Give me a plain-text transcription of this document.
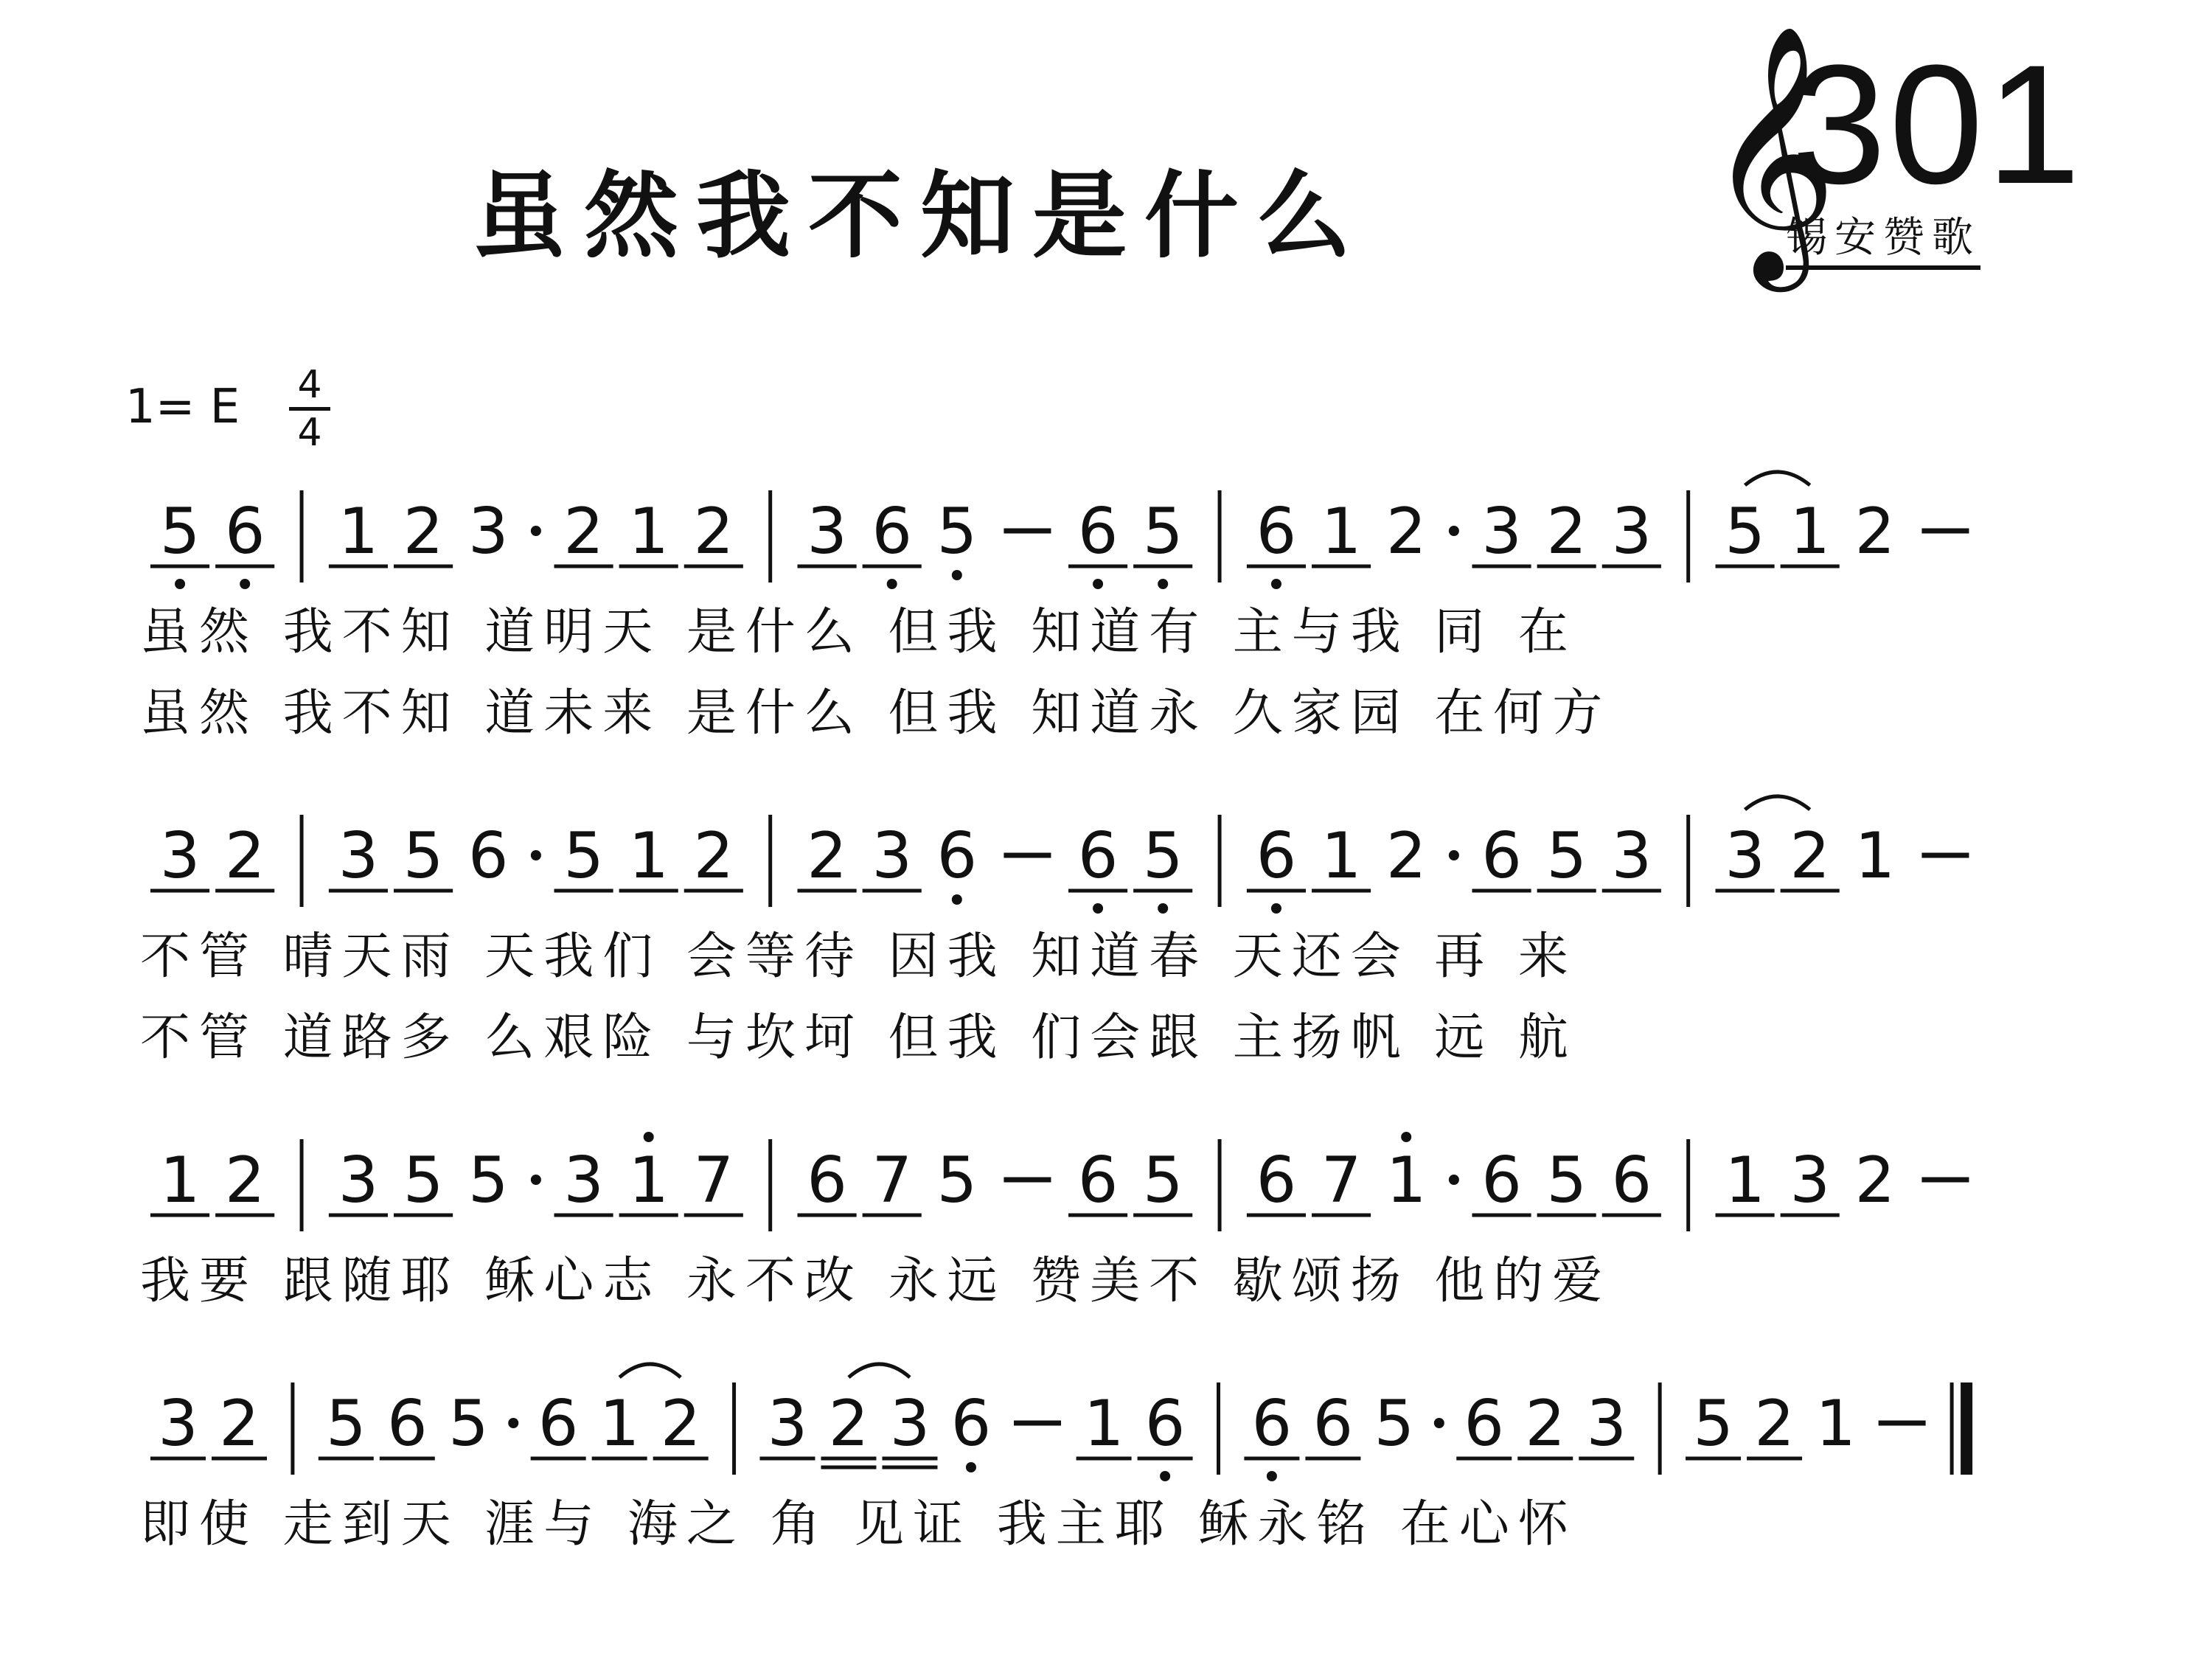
虽然我不知是什么 𝄞
301
锡安赞歌
1= E 4
4
5 6 1 2 3 2 1 2 3 6 5 6 5 6 1 2 3 2 3 5 1 2
虽然 我不知 道明天 是什么 但我 知道有 主与我 同 在
虽然 我不知 道未来 是什么 但我 知道永 久家园 在何方
3 2 3 5 6 5 1 2 2 3 6 6 5 6 1 2 6 5 3 3 2 1
不管 晴天雨 天我们 会等待 因我 知道春 天还会 再 来
不管 道路多 么艰险 与坎坷 但我 们会跟 主扬帆 远 航
1 2 3 5 5 3 1 7 6 7 5 6 5 6 7 1 6 5 6 1 3 2
我要 跟随耶 稣心志 永不改 永远 赞美不 歇颂扬 他的爱
3 2 5 6 5 6 1 2 3 2 3 6 1 6 6 6 5 6 2 3 5 2 1
即使 走到天 涯与 海之 角 见证 我主耶 稣永铭 在心怀
